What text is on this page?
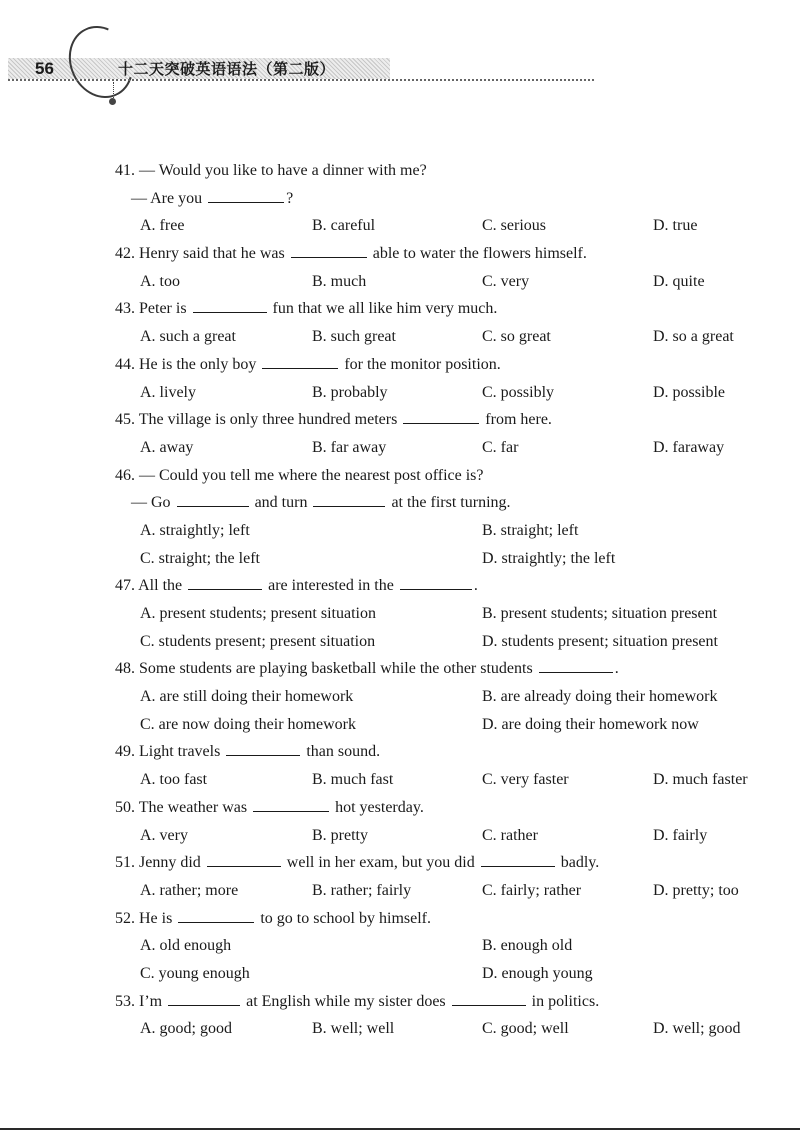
56	十二天突破英语语法（第二版）
41. — Would you like to have a dinner with me?
— Are you	?
A. free	B. careful	C. serious	D. true
42. Henry said that he was	able to water the flowers himself.
A. too	B. much	C. very	D. quite
43. Peter is	fun that we all like him very much.
A. such a great	B. such great	C. so great	D. so a great
44. He is the only boy	for the monitor position.
A. lively	B. probably	C. possibly	D. possible
45. The village is only three hundred meters	from here.
A. away	B. far away	C. far	D. faraway
46. — Could you tell me where the nearest post office is?
— Go	and turn	at the first turning.
A. straightly; left	B. straight; left
C. straight; the left	D. straightly; the left
47. All the	are interested in the	.
A. present students; present situation	B. present students; situation present
C. students present; present situation	D. students present; situation present
48. Some students are playing basketball while the other students	.
A. are still doing their homework	B. are already doing their homework
C. are now doing their homework	D. are doing their homework now
49. Light travels	than sound.
A. too fast	B. much fast	C. very faster	D. much faster
50. The weather was	hot yesterday.
A. very	B. pretty	C. rather	D. fairly
51. Jenny did	well in her exam, but you did	badly.
A. rather; more	B. rather; fairly	C. fairly; rather	D. pretty; too
52. He is	to go to school by himself.
A. old enough	B. enough old
C. young enough	D. enough young
53. I’m	at English while my sister does	in politics.
A. good; good	B. well; well	C. good; well	D. well; good
